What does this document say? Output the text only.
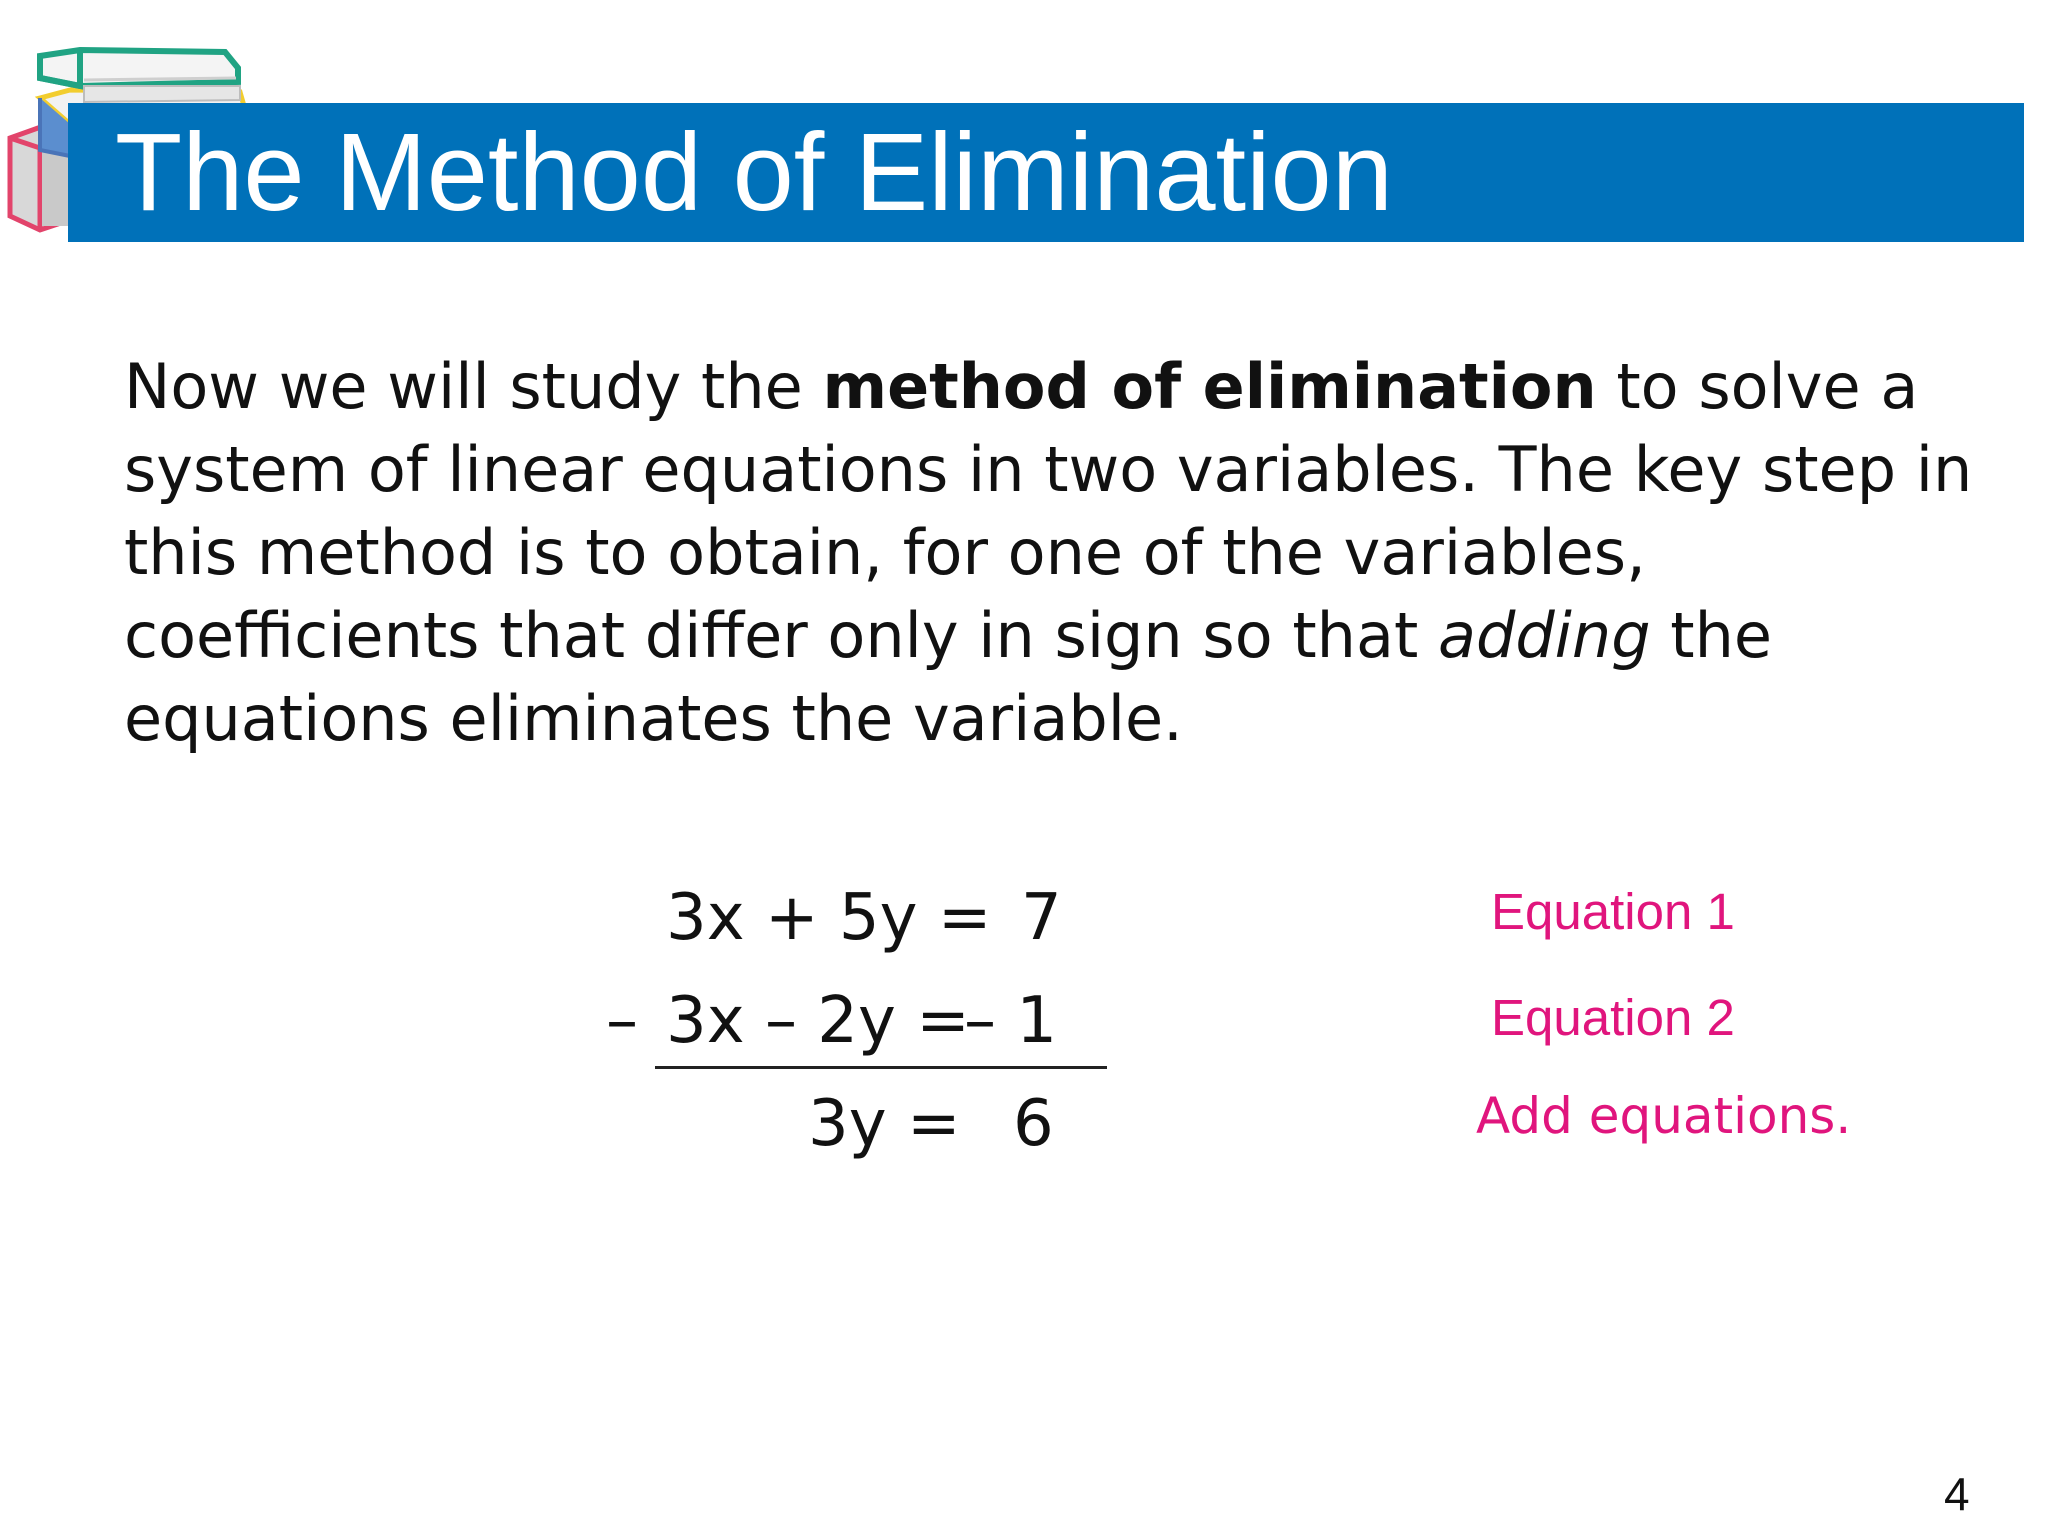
The Method of Elimination

Now we will study the method of elimination to solve a system of linear equations in two variables. The key step in this method is to obtain, for one of the variables, coefficients that differ only in sign so that adding the equations eliminates the variable.

3x + 5y = 7
– 3x – 2y =
– 1
3y = 6
Equation 1
Equation 2
Add equations.
4
